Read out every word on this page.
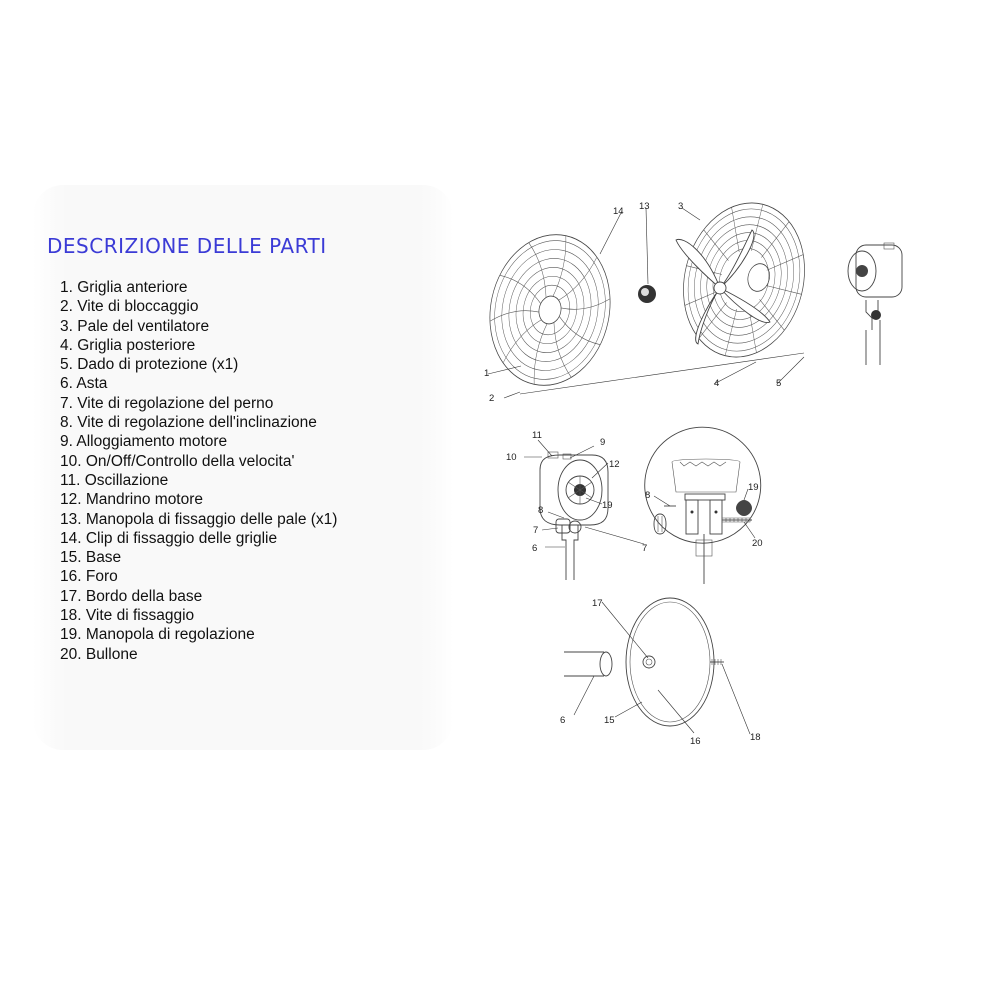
DESCRIZIONE DELLE PARTI
1. Griglia anteriore
2. Vite di bloccaggio
3. Pale del ventilatore
4. Griglia posteriore
5. Dado di protezione (x1)
6. Asta
7. Vite di regolazione del perno
8. Vite di regolazione dell'inclinazione
9. Alloggiamento motore
10. On/Off/Controllo della velocita'
11. Oscillazione
12. Mandrino motore
13. Manopola di fissaggio delle pale (x1)
14. Clip di fissaggio delle griglie
15. Base
16. Foro
17. Bordo della base
18. Vite di fissaggio
19. Manopola di regolazione
20. Bullone
1
2
3
4	5
13
14
11
9
10
12
19
8
7
6	7
8
19
20
17
6	15
16	18
